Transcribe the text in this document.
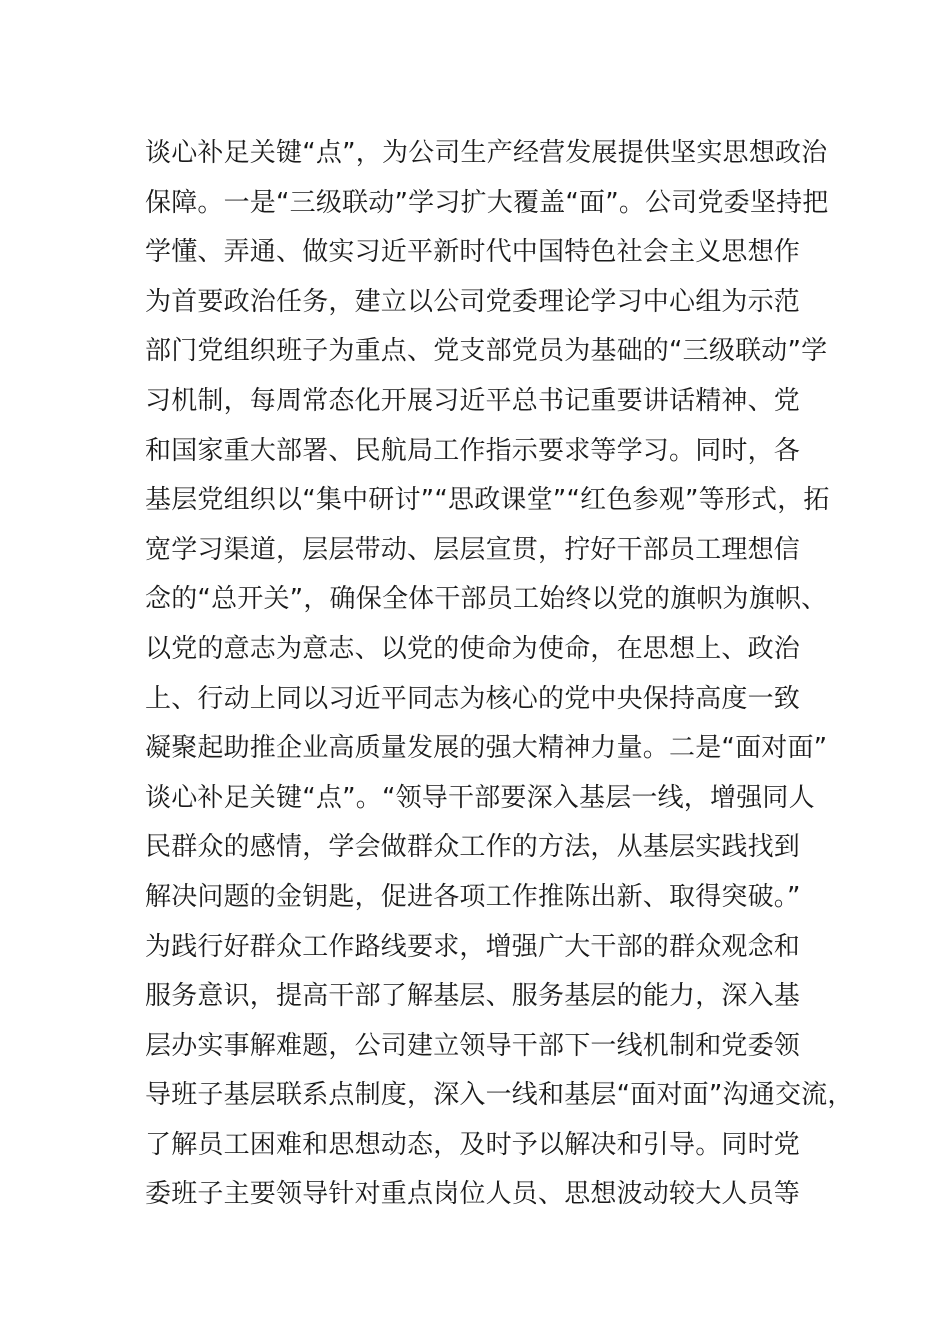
谈心补足关键“点”，为公司生产经营发展提供坚实思想政治
保障。一是“三级联动”学习扩大覆盖“面”。公司党委坚持把
学懂、弄通、做实习近平新时代中国特色社会主义思想作
为首要政治任务，建立以公司党委理论学习中心组为示范
部门党组织班子为重点、党支部党员为基础的“三级联动”学
习机制，每周常态化开展习近平总书记重要讲话精神、党
和国家重大部署、民航局工作指示要求等学习。同时，各
基层党组织以“集中研讨”“思政课堂”“红色参观”等形式，拓
宽学习渠道，层层带动、层层宣贯，拧好干部员工理想信
念的“总开关”，确保全体干部员工始终以党的旗帜为旗帜、
以党的意志为意志、以党的使命为使命，在思想上、政治
上、行动上同以习近平同志为核心的党中央保持高度一致
凝聚起助推企业高质量发展的强大精神力量。二是“面对面”
谈心补足关键“点”。“领导干部要深入基层一线，增强同人
民群众的感情，学会做群众工作的方法，从基层实践找到
解决问题的金钥匙，促进各项工作推陈出新、取得突破。”
为践行好群众工作路线要求，增强广大干部的群众观念和
服务意识，提高干部了解基层、服务基层的能力，深入基
层办实事解难题，公司建立领导干部下一线机制和党委领
导班子基层联系点制度，深入一线和基层“面对面”沟通交流，
了解员工困难和思想动态，及时予以解决和引导。同时党
委班子主要领导针对重点岗位人员、思想波动较大人员等
